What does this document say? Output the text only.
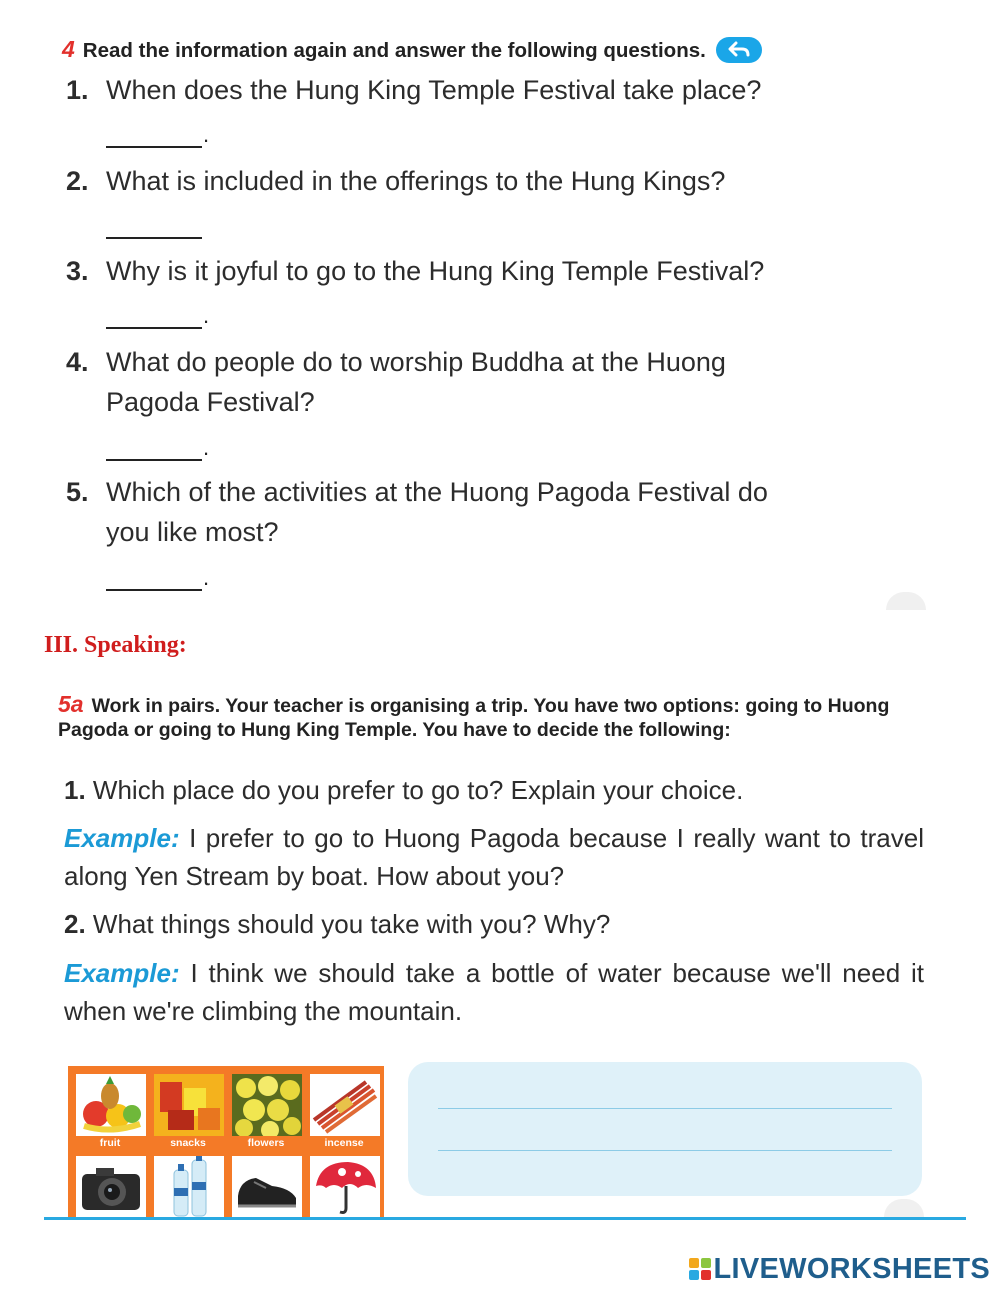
4 Read the information again and answer the following questions.
1. When does the Hung King Temple Festival take place?
.
2. What is included in the offerings to the Hung Kings?
3. Why is it joyful to go to the Hung King Temple Festival?
.
4. What do people do to worship Buddha at the Huong
Pagoda Festival?
.
5. Which of the activities at the Huong Pagoda Festival do
you like most?
.
III. Speaking:
5a Work in pairs. Your teacher is organising a trip. You have two options: going to Huong Pagoda or going to Hung King Temple. You have to decide the following:
1. Which place do you prefer to go to? Explain your choice.
Example: I prefer to go to Huong Pagoda because I really want to travel along Yen Stream by boat. How about you?
2. What things should you take with you? Why?
Example: I think we should take a bottle of water because we'll need it when we're climbing the mountain.
fruit	snacks	flowers	incense
LIVEWORKSHEETS
